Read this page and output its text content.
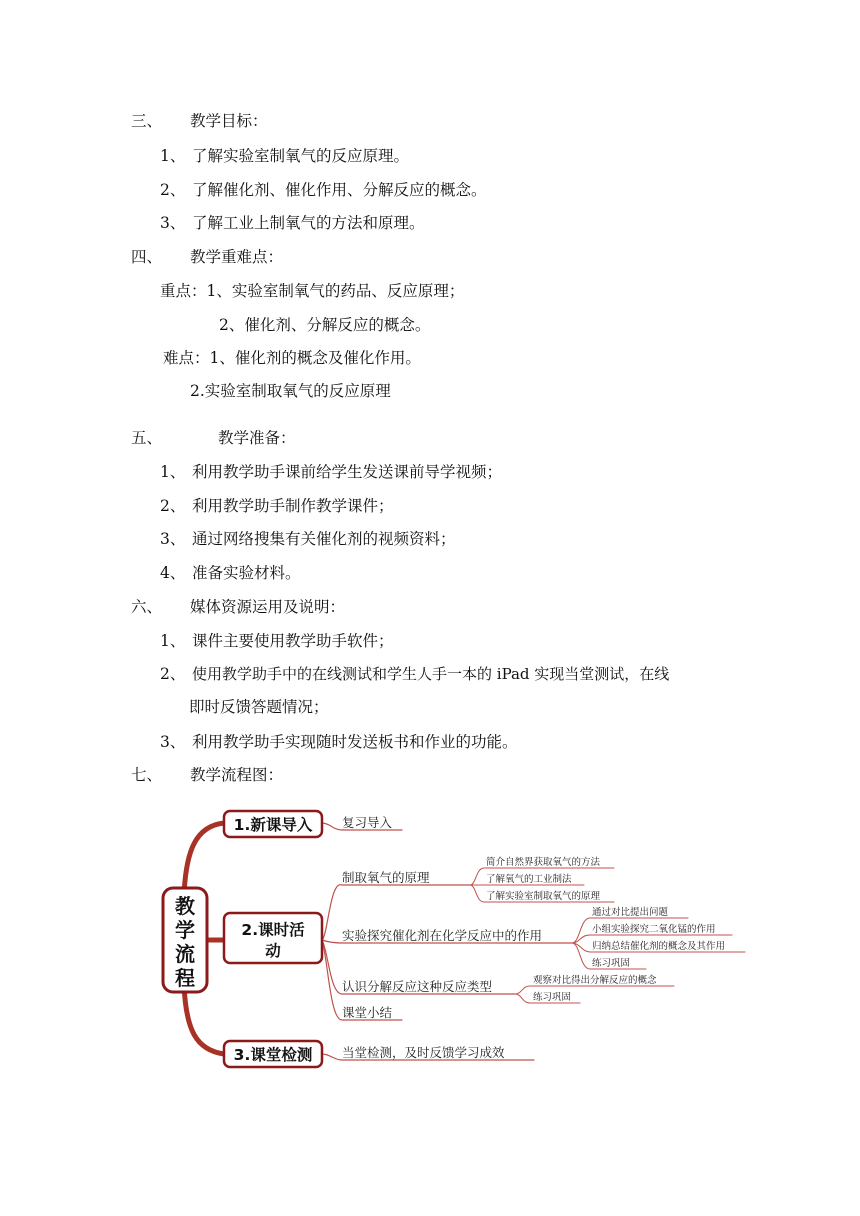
三、 教学目标：
1、 了解实验室制氧气的反应原理。
2、 了解催化剂、催化作用、分解反应的概念。
3、 了解工业上制氧气的方法和原理。
四、 教学重难点：
重点：1、实验室制氧气的药品、反应原理；
2、催化剂、分解反应的概念。
难点：1、催化剂的概念及催化作用。
2.实验室制取氧气的反应原理
五、	教学准备：
1、 利用教学助手课前给学生发送课前导学视频；
2、 利用教学助手制作教学课件；
3、 通过网络搜集有关催化剂的视频资料；
4、 准备实验材料。
六、 媒体资源运用及说明：
1、 课件主要使用教学助手软件；
2、 使用教学助手中的在线测试和学生人手一本的 iPad 实现当堂测试，在线
即时反馈答题情况；
3、 利用教学助手实现随时发送板书和作业的功能。
七、 教学流程图：
教
学
流
程
1.新课导入
2.课时活
动
3.课堂检测
复习导入
制取氧气的原理
实验探究催化剂在化学反应中的作用
认识分解反应这种反应类型
课堂小结
当堂检测，及时反馈学习成效
简介自然界获取氧气的方法
了解氧气的工业制法
了解实验室制取氧气的原理
通过对比提出问题
小组实验探究二氧化锰的作用
归纳总结催化剂的概念及其作用
练习巩固
观察对比得出分解反应的概念
练习巩固
